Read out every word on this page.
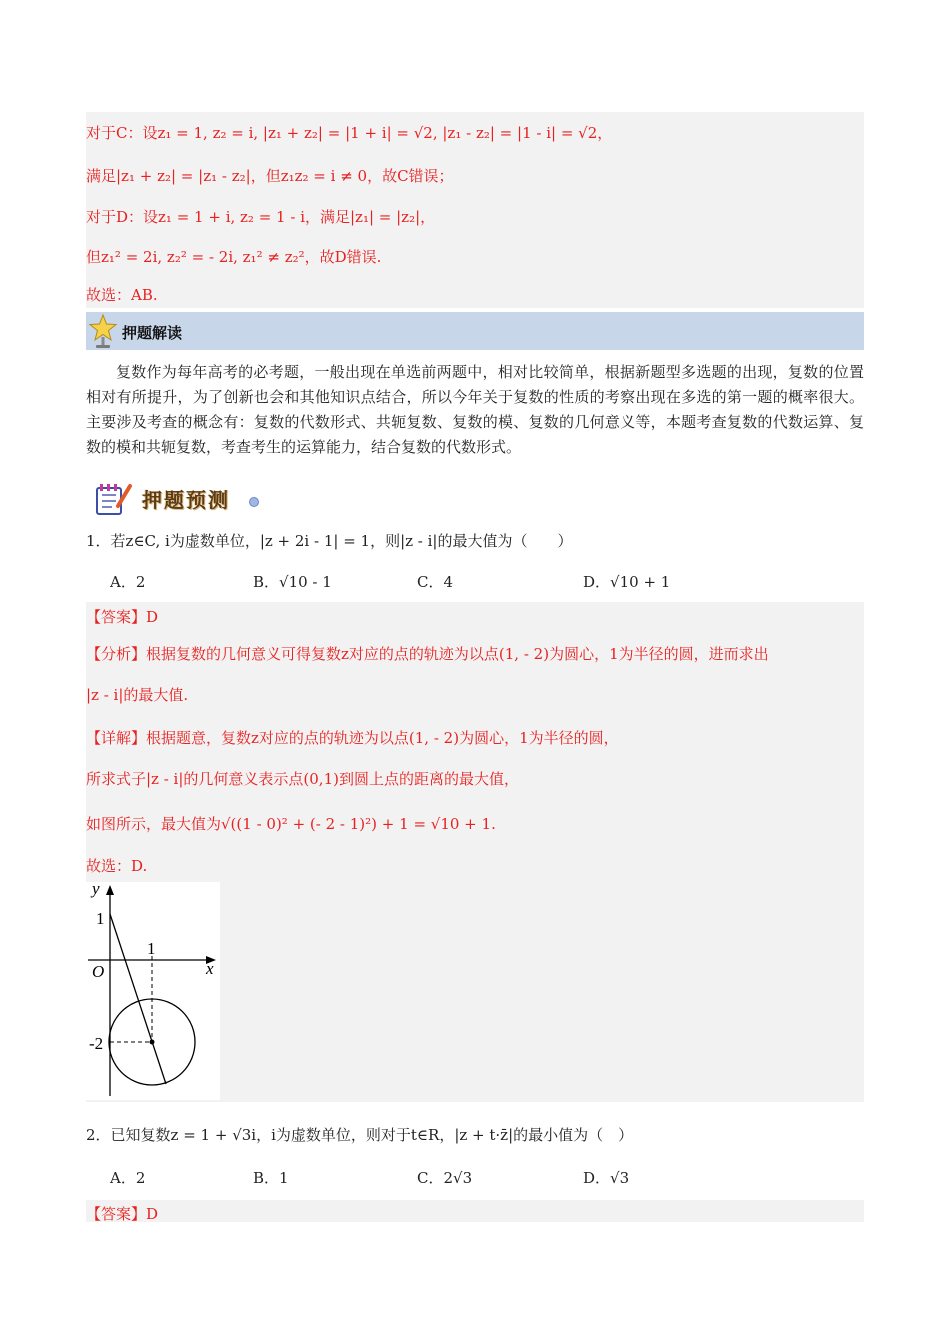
对于C：设z₁ = 1, z₂ = i, |z₁ + z₂| = |1 + i| = √2, |z₁ - z₂| = |1 - i| = √2，
满足|z₁ + z₂| = |z₁ - z₂|，但z₁z₂ = i ≠ 0，故C错误；
对于D：设z₁ = 1 + i, z₂ = 1 - i，满足|z₁| = |z₂|，
但z₁² = 2i, z₂² = - 2i, z₁² ≠ z₂²，故D错误.
故选：AB.
押题解读
复数作为每年高考的必考题，一般出现在单选前两题中，相对比较简单，根据新题型多选题的出现，复数的位置相对有所提升，为了创新也会和其他知识点结合，所以今年关于复数的性质的考察出现在多选的第一题的概率很大。主要涉及考查的概念有：复数的代数形式、共轭复数、复数的模、复数的几何意义等，本题考查复数的代数运算、复数的模和共轭复数，考查考生的运算能力，结合复数的代数形式。
押题预测
1．若z∈C, i为虚数单位，|z + 2i - 1| = 1，则|z - i|的最大值为（　　）
A．2	B．√10 - 1	C．4	D．√10 + 1
【答案】D
【分析】根据复数的几何意义可得复数z对应的点的轨迹为以点(1, - 2)为圆心，1为半径的圆，进而求出
|z - i|的最大值.
【详解】根据题意，复数z对应的点的轨迹为以点(1, - 2)为圆心，1为半径的圆，
所求式子|z - i|的几何意义表示点(0,1)到圆上点的距离的最大值，
如图所示，最大值为√((1 - 0)² + (- 2 - 1)²) + 1 = √10 + 1.
故选：D.
y
x
O
1
1
-2
2．已知复数z = 1 + √3i，i为虚数单位，则对于t∈R，|z + t·z̄|的最小值为（　）
A．2	B．1	C．2√3	D．√3
【答案】D
